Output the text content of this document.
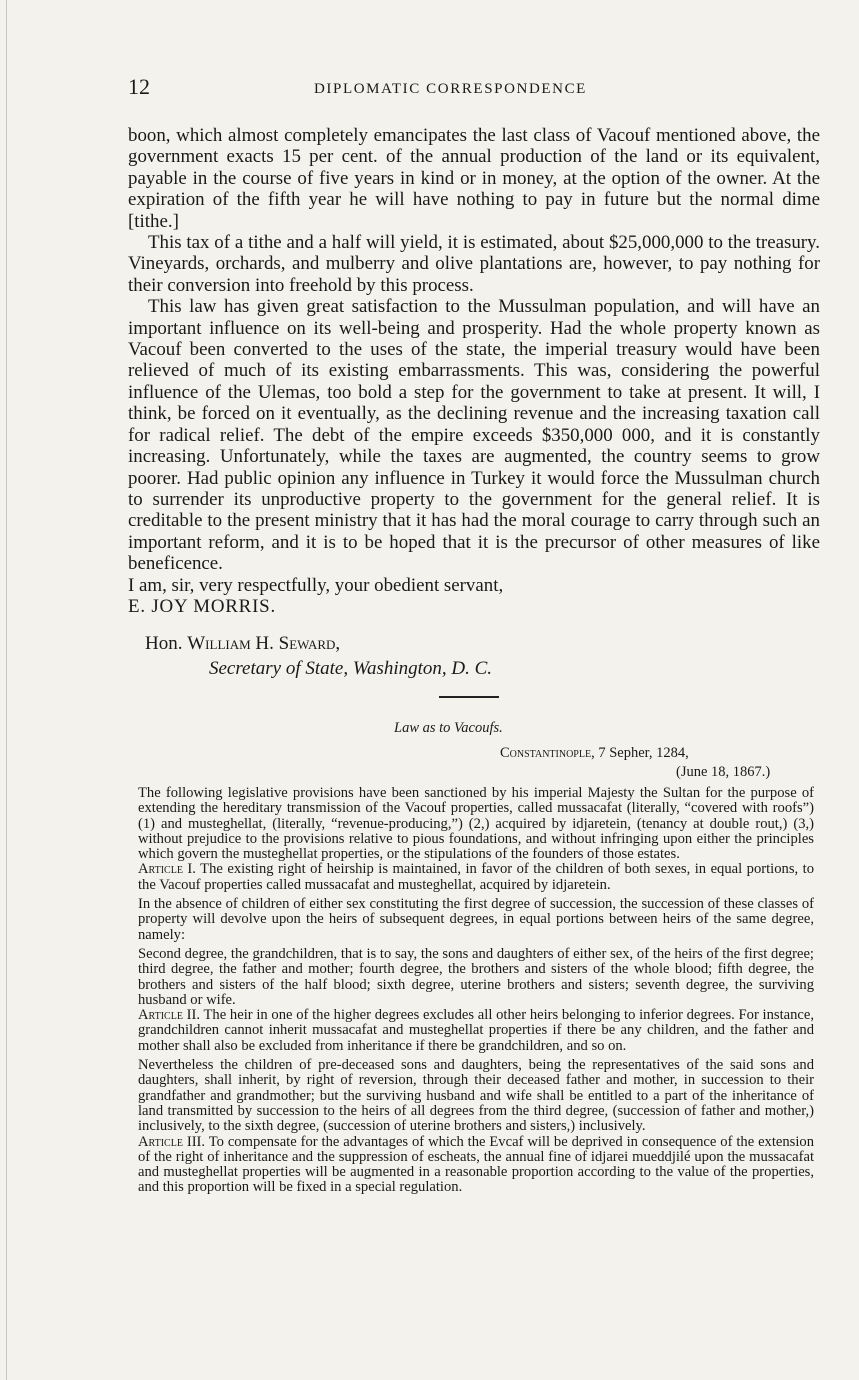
12	DIPLOMATIC CORRESPONDENCE

boon, which almost completely emancipates the last class of Vacouf mentioned above, the government exacts 15 per cent. of the annual production of the land or its equivalent, payable in the course of five years in kind or in money, at the option of the owner. At the expiration of the fifth year he will have nothing to pay in future but the normal dime [tithe.]

This tax of a tithe and a half will yield, it is estimated, about $25,000,000 to the treasury. Vineyards, orchards, and mulberry and olive plantations are, however, to pay nothing for their conversion into freehold by this process.

This law has given great satisfaction to the Mussulman population, and will have an important influence on its well-being and prosperity. Had the whole property known as Vacouf been converted to the uses of the state, the imperial treasury would have been relieved of much of its existing embarrassments. This was, considering the powerful influence of the Ulemas, too bold a step for the government to take at present. It will, I think, be forced on it eventually, as the declining revenue and the increasing taxation call for radical relief. The debt of the empire exceeds $350,000 000, and it is constantly increasing. Unfortunately, while the taxes are augmented, the country seems to grow poorer. Had public opinion any influence in Turkey it would force the Mussulman church to surrender its unproductive property to the government for the general relief. It is creditable to the present ministry that it has had the moral courage to carry through such an important reform, and it is to be hoped that it is the precursor of other measures of like beneficence.

I am, sir, very respectfully, your obedient servant,

E. JOY MORRIS.

Hon. William H. Seward,
Secretary of State, Washington, D. C.
Law as to Vacoufs.
Constantinople, 7 Sepher, 1284,
(June 18, 1867.)

The following legislative provisions have been sanctioned by his imperial Majesty the Sultan for the purpose of extending the hereditary transmission of the Vacouf properties, called mussacafat (literally, “covered with roofs”) (1) and musteghellat, (literally, “revenue-producing,”) (2,) acquired by idjaretein, (tenancy at double rout,) (3,) without prejudice to the provisions relative to pious foundations, and without infringing upon either the principles which govern the musteghellat properties, or the stipulations of the founders of those estates.

Article I. The existing right of heirship is maintained, in favor of the children of both sexes, in equal portions, to the Vacouf properties called mussacafat and musteghellat, acquired by idjaretein.

In the absence of children of either sex constituting the first degree of succession, the succession of these classes of property will devolve upon the heirs of subsequent degrees, in equal portions between heirs of the same degree, namely:

Second degree, the grandchildren, that is to say, the sons and daughters of either sex, of the heirs of the first degree; third degree, the father and mother; fourth degree, the brothers and sisters of the whole blood; fifth degree, the brothers and sisters of the half blood; sixth degree, uterine brothers and sisters; seventh degree, the surviving husband or wife.

Article II. The heir in one of the higher degrees excludes all other heirs belonging to inferior degrees. For instance, grandchildren cannot inherit mussacafat and musteghellat properties if there be any children, and the father and mother shall also be excluded from inheritance if there be grandchildren, and so on.

Nevertheless the children of pre-deceased sons and daughters, being the representatives of the said sons and daughters, shall inherit, by right of reversion, through their deceased father and mother, in succession to their grandfather and grandmother; but the surviving husband and wife shall be entitled to a part of the inheritance of land transmitted by succession to the heirs of all degrees from the third degree, (succession of father and mother,) inclusively, to the sixth degree, (succession of uterine brothers and sisters,) inclusively.

Article III. To compensate for the advantages of which the Evcaf will be deprived in consequence of the extension of the right of inheritance and the suppression of escheats, the annual fine of idjarei mueddjilé upon the mussacafat and musteghellat properties will be augmented in a reasonable proportion according to the value of the properties, and this proportion will be fixed in a special regulation.
